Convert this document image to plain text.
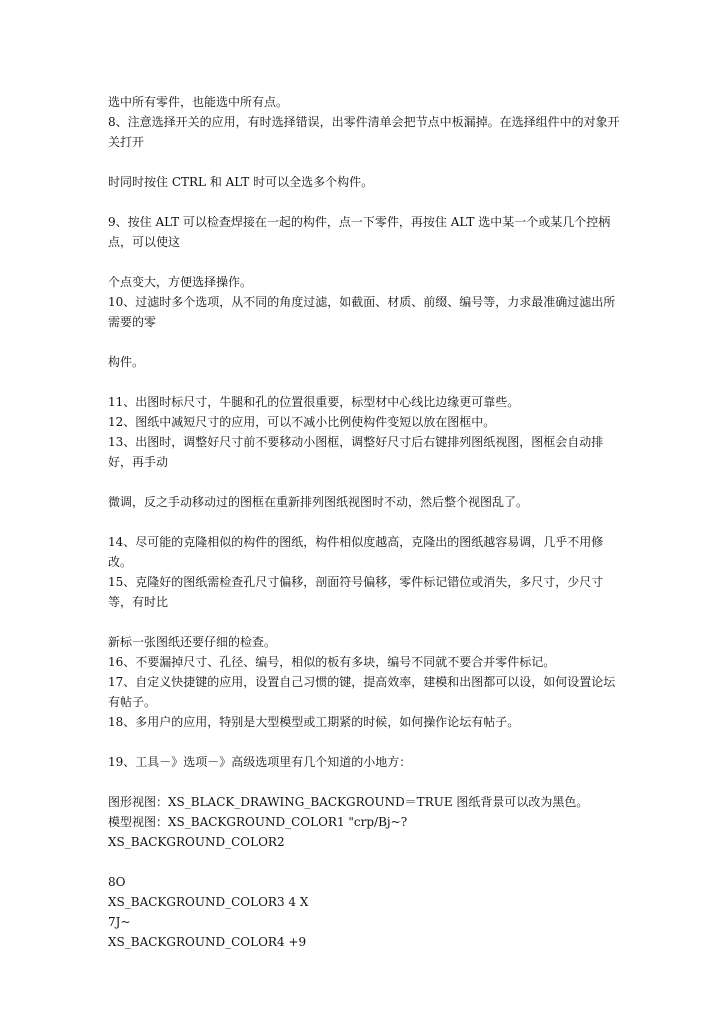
选中所有零件，也能选中所有点。

8、注意选择开关的应用，有时选择错误，出零件清单会把节点中板漏掉。在选择组件中的对象开关打开

时同时按住 CTRL 和 ALT 时可以全选多个构件。

9、按住 ALT 可以检查焊接在一起的构件，点一下零件，再按住 ALT 选中某一个或某几个控柄点，可以使这

个点变大，方便选择操作。

10、过滤时多个选项，从不同的角度过滤，如截面、材质、前缀、编号等，力求最准确过滤出所需要的零

构件。

11、出图时标尺寸，牛腿和孔的位置很重要，标型材中心线比边缘更可靠些。

12、图纸中减短尺寸的应用，可以不减小比例使构件变短以放在图框中。

13、出图时，调整好尺寸前不要移动小图框，调整好尺寸后右键排列图纸视图，图框会自动排好，再手动

微调，反之手动移动过的图框在重新排列图纸视图时不动，然后整个视图乱了。

14、尽可能的克隆相似的构件的图纸，构件相似度越高，克隆出的图纸越容易调，几乎不用修改。

15、克隆好的图纸需检查孔尺寸偏移，剖面符号偏移，零件标记错位或消失，多尺寸，少尺寸等，有时比

新标一张图纸还要仔细的检查。

16、不要漏掉尺寸、孔径、编号，相似的板有多块，编号不同就不要合并零件标记。

17、自定义快捷键的应用，设置自己习惯的键，提高效率，建模和出图都可以设，如何设置论坛有帖子。

18、多用户的应用，特别是大型模型或工期紧的时候，如何操作论坛有帖子。

19、工具－》选项－》高级选项里有几个知道的小地方：

图形视图：XS_BLACK_DRAWING_BACKGROUND＝TRUE 图纸背景可以改为黑色。

模型视图：XS_BACKGROUND_COLOR1 "crp/Bj~?

XS_BACKGROUND_COLOR2

8O

XS_BACKGROUND_COLOR3 4 X

7J~

XS_BACKGROUND_COLOR4 +9
